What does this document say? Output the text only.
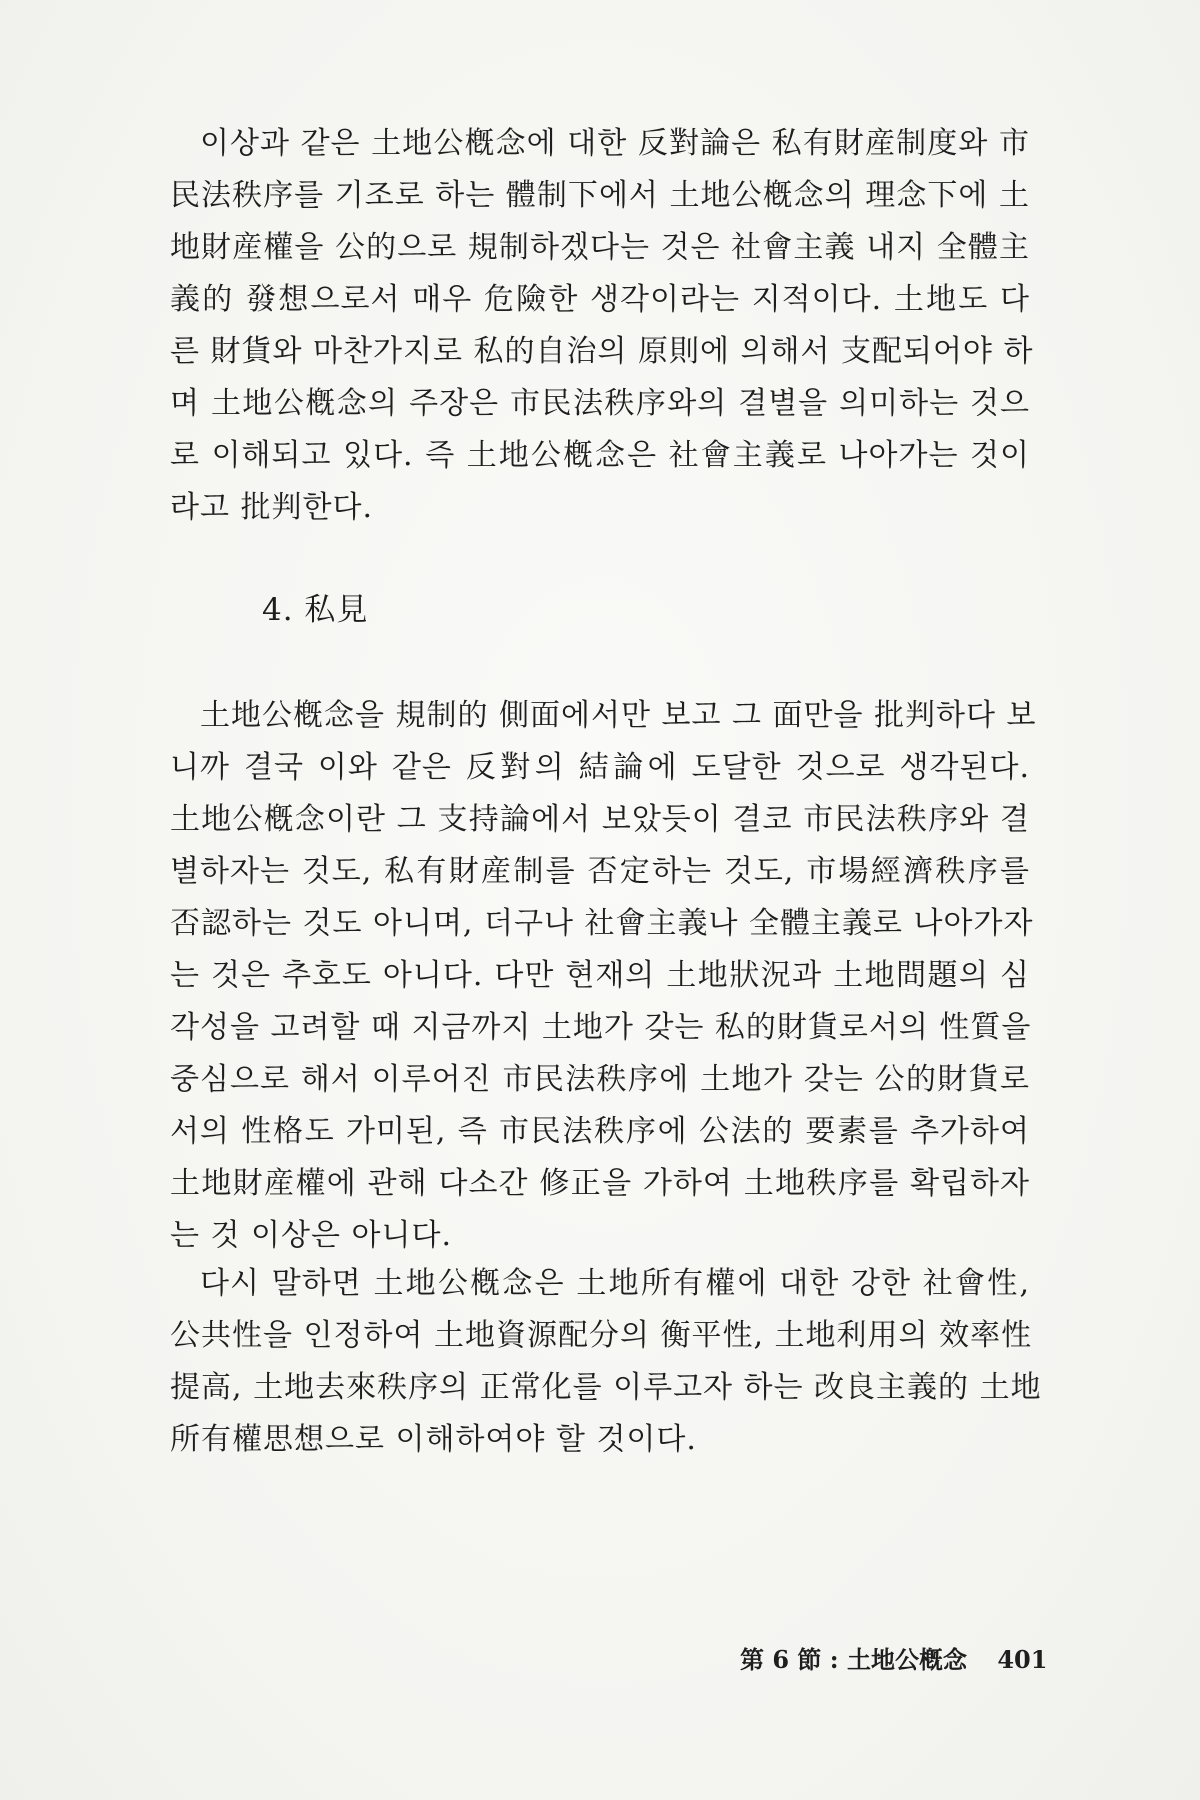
이상과 같은 土地公槪念에 대한 反對論은 私有財産制度와 市
民法秩序를 기조로 하는 體制下에서 土地公槪念의 理念下에 土
地財産權을 公的으로 規制하겠다는 것은 社會主義 내지 全體主
義的 發想으로서 매우 危險한 생각이라는 지적이다. 土地도 다
른 財貨와 마찬가지로 私的自治의 原則에 의해서 支配되어야 하
며 土地公槪念의 주장은 市民法秩序와의 결별을 의미하는 것으
로 이해되고 있다. 즉 土地公槪念은 社會主義로 나아가는 것이
라고 批判한다.

4. 私見

土地公槪念을 規制的 側面에서만 보고 그 面만을 批判하다 보
니까 결국 이와 같은 反對의 結論에 도달한 것으로 생각된다.
土地公槪念이란 그 支持論에서 보았듯이 결코 市民法秩序와 결
별하자는 것도, 私有財産制를 否定하는 것도, 市場經濟秩序를
否認하는 것도 아니며, 더구나 社會主義나 全體主義로 나아가자
는 것은 추호도 아니다. 다만 현재의 土地狀況과 土地問題의 심
각성을 고려할 때 지금까지 土地가 갖는 私的財貨로서의 性質을
중심으로 해서 이루어진 市民法秩序에 土地가 갖는 公的財貨로
서의 性格도 가미된, 즉 市民法秩序에 公法的 要素를 추가하여
土地財産權에 관해 다소간 修正을 가하여 土地秩序를 확립하자
는 것 이상은 아니다.

다시 말하면 土地公槪念은 土地所有權에 대한 강한 社會性,
公共性을 인정하여 土地資源配分의 衡平性, 土地利用의 效率性
提高, 土地去來秩序의 正常化를 이루고자 하는 改良主義的 土地
所有權思想으로 이해하여야 할 것이다.

第 6 節 : 土地公槪念 401
